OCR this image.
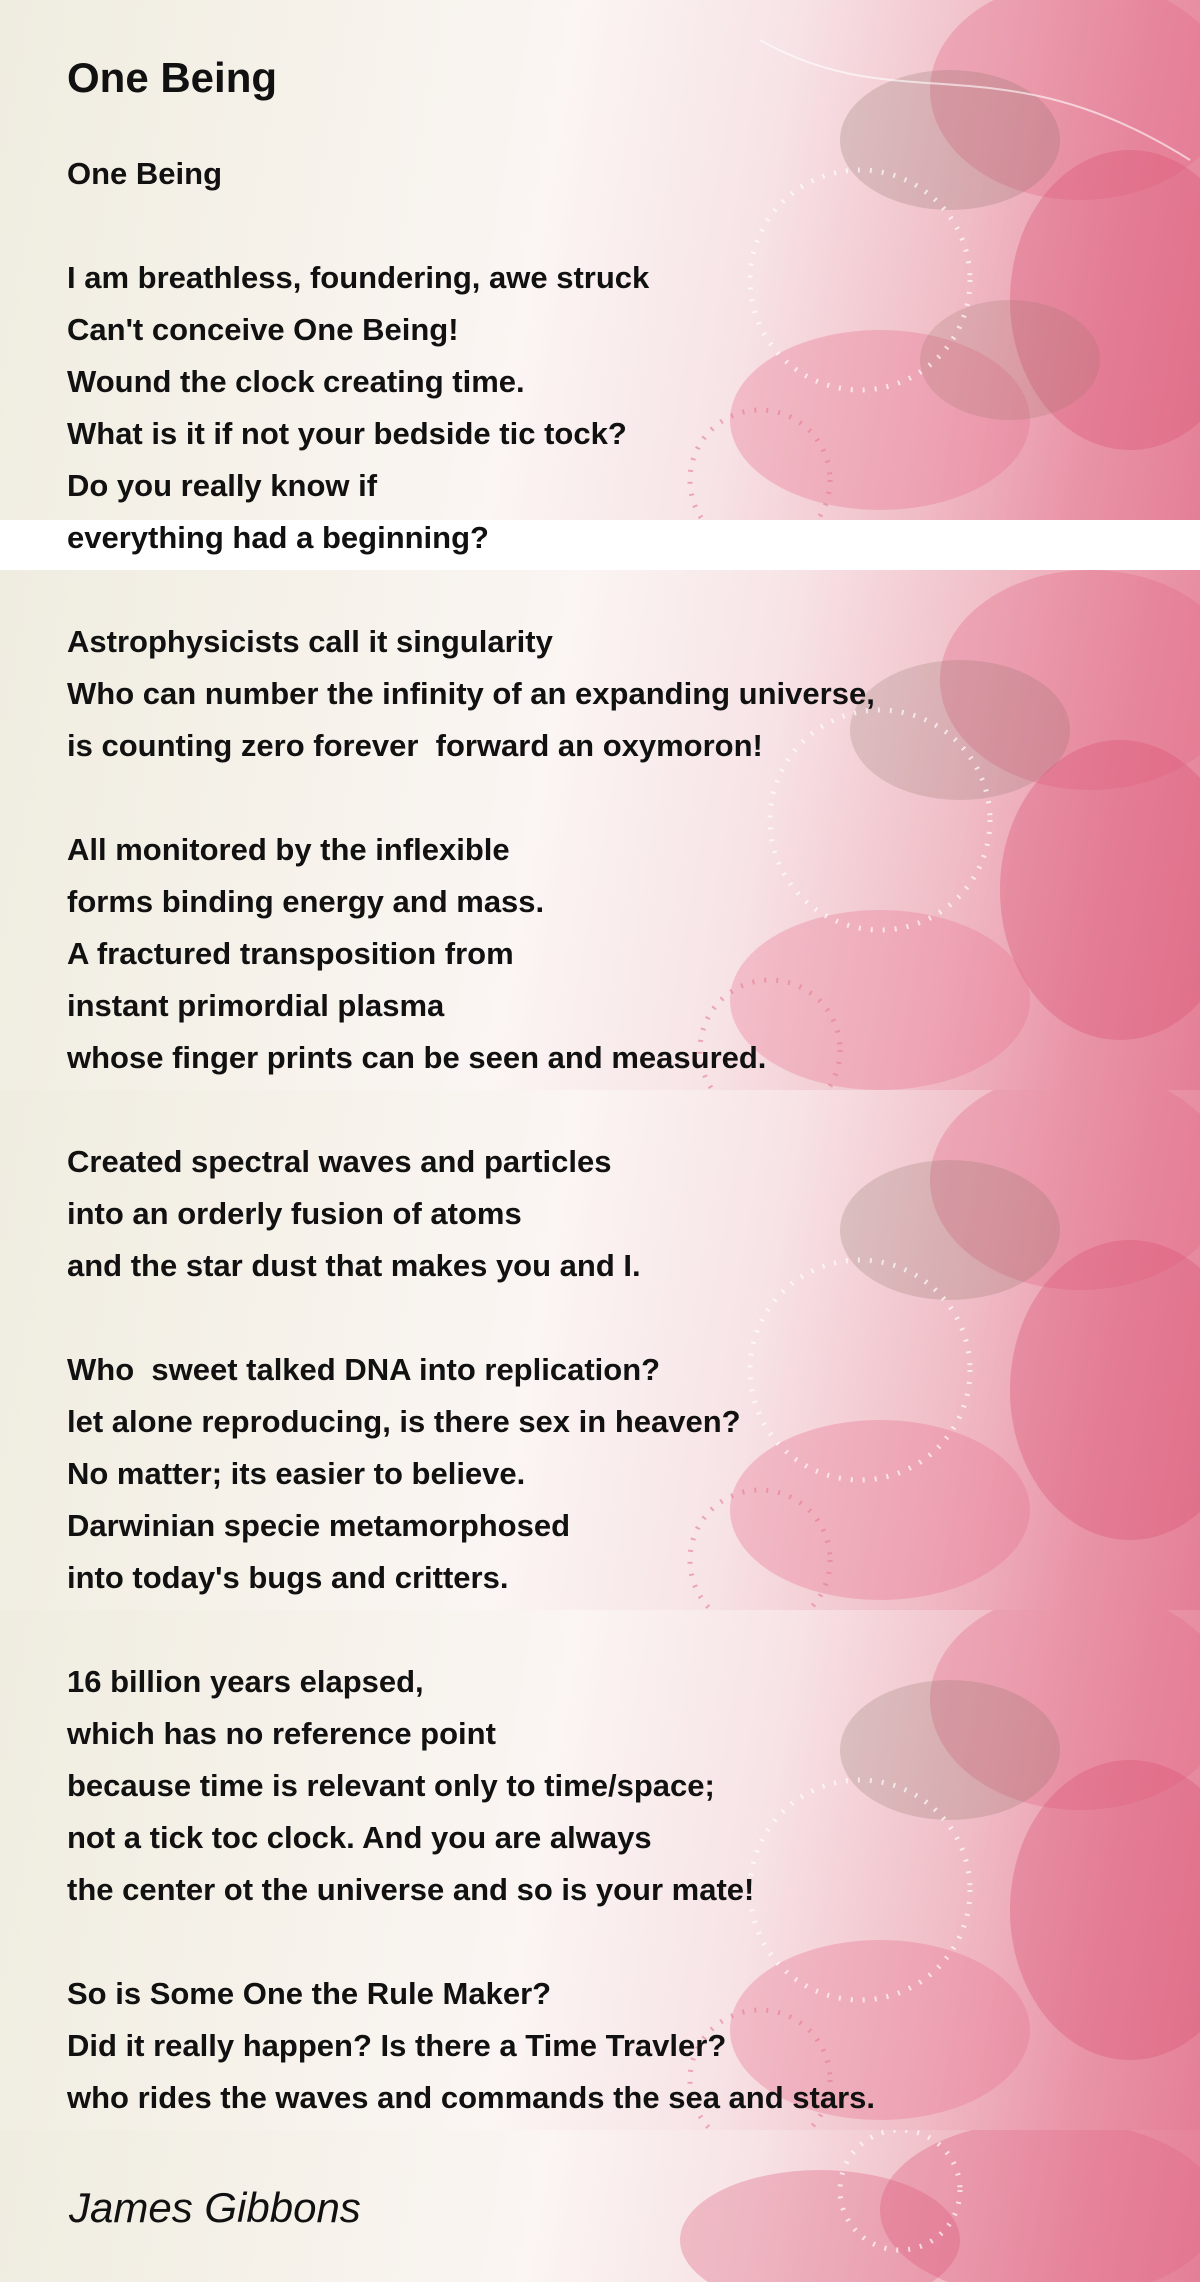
One Being
One Being
I am breathless, foundering, awe struck
Can't conceive One Being!
Wound the clock creating time.
What is it if not your bedside tic tock?
Do you really know if
everything had a beginning?
Astrophysicists call it singularity
Who can number the infinity of an expanding universe,
is counting zero forever  forward an oxymoron!
All monitored by the inflexible
forms binding energy and mass.
A fractured transposition from
instant primordial plasma
whose finger prints can be seen and measured.
Created spectral waves and particles
into an orderly fusion of atoms
and the star dust that makes you and I.
Who  sweet talked DNA into replication?
let alone reproducing, is there sex in heaven?
No matter; its easier to believe.
Darwinian specie metamorphosed
into today's bugs and critters.
16 billion years elapsed,
which has no reference point
because time is relevant only to time/space;
not a tick toc clock. And you are always
the center ot the universe and so is your mate!
So is Some One the Rule Maker?
Did it really happen? Is there a Time Travler?
who rides the waves and commands the sea and stars.
James Gibbons
